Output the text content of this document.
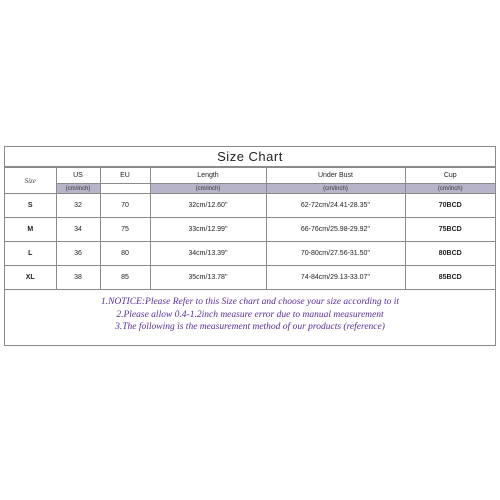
Size Chart
Size	US	EU	Length	Under Bust	Cup
	(cm/inch)		(cm/inch)	(cm/inch)	(cm/inch)
S	32	70	32cm/12.60''	62-72cm/24.41-28.35''	70BCD
M	34	75	33cm/12.99''	66-76cm/25.98-29.92''	75BCD
L	36	80	34cm/13.39''	70-80cm/27.56-31.50''	80BCD
XL	38	85	35cm/13.78''	74-84cm/29.13-33.07''	85BCD
1.NOTICE:Please Refer to this Size chart and choose your size according to it
2.Please allow 0.4-1.2inch measure error due to manual measurement
3.The following is the measurement method of our products (reference)
